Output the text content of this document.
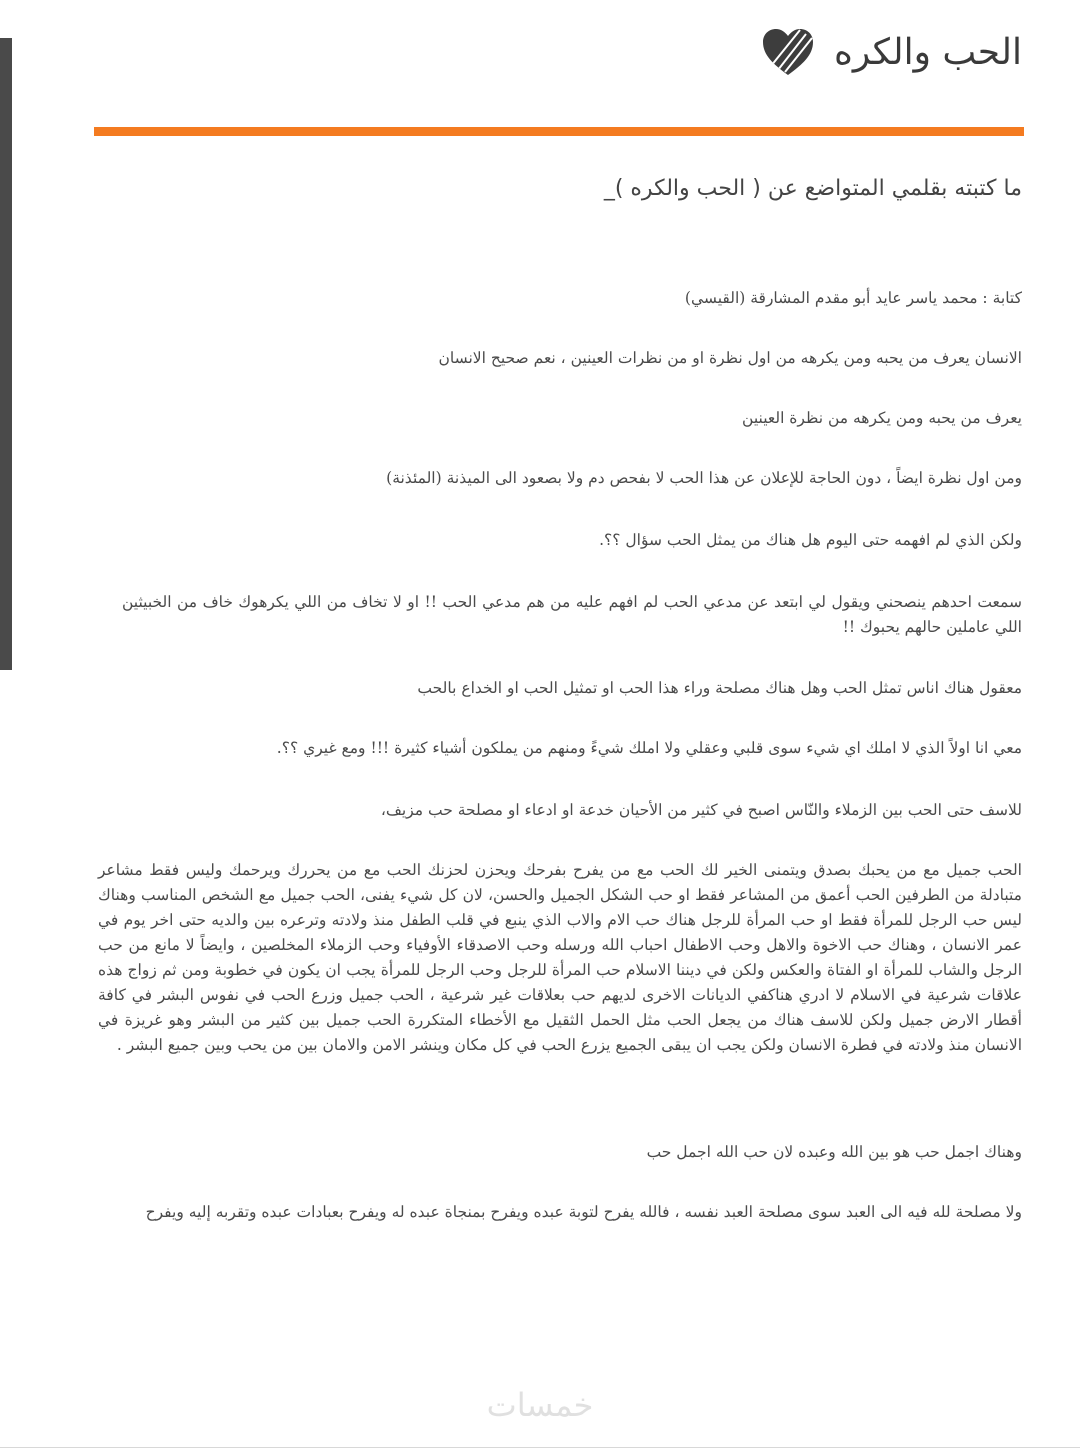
الحب والكره
ما كتبته بقلمي المتواضع عن ( الحب والكره )_
كتابة : محمد ياسر عايد أبو مقدم المشارقة (القيسي)
الانسان يعرف من يحبه ومن يكرهه من اول نظرة او من نظرات العينين ، نعم صحيح الانسان
يعرف من يحبه ومن يكرهه من نظرة العينين
ومن اول نظرة ايضاً ، دون الحاجة للإعلان عن هذا الحب لا بفحص دم ولا بصعود الى الميذنة (المئذنة)
ولكن الذي لم افهمه حتى اليوم هل هناك من يمثل الحب سؤال ؟؟.
سمعت احدهم ينصحني ويقول لي ابتعد عن مدعي الحب لم افهم عليه من هم مدعي الحب !! او لا تخاف من اللي يكرهوك خاف من الخبيثين اللي عاملين حالهم يحبوك !!
معقول هناك اناس تمثل الحب وهل هناك مصلحة وراء هذا الحب او تمثيل الحب او الخداع بالحب
معي انا اولاً الذي لا املك اي شيء سوى قلبي وعقلي ولا املك شيءً ومنهم من يملكون أشياء كثيرة !!! ومع غيري ؟؟.
للاسف حتى الحب بين الزملاء والنّاس اصبح في كثير من الأحيان خدعة او ادعاء او مصلحة حب مزيف،
الحب جميل مع من يحبك بصدق ويتمنى الخير لك الحب مع من يفرح بفرحك ويحزن لحزنك الحب مع من يحررك ويرحمك وليس فقط مشاعر متبادلة من الطرفين الحب أعمق من المشاعر فقط او حب الشكل الجميل والحسن، لان كل شيء يفنى، الحب جميل مع الشخص المناسب وهناك ليس حب الرجل للمرأة فقط او حب المرأة للرجل هناك حب الام والاب الذي ينبع في قلب الطفل منذ ولادته وترعره بين والديه حتى اخر يوم في عمر الانسان ، وهناك حب الاخوة والاهل وحب الاطفال احباب الله ورسله وحب الاصدقاء الأوفياء وحب الزملاء المخلصين ، وايضاً لا مانع من حب الرجل والشاب للمرأة او الفتاة والعكس ولكن في ديننا الاسلام حب المرأة للرجل وحب الرجل للمرأة يجب ان يكون في خطوبة ومن ثم زواج هذه علاقات شرعية في الاسلام لا ادري هناكفي الديانات الاخرى لديهم حب بعلاقات غير شرعية ، الحب جميل وزرع الحب في نفوس البشر في كافة أقطار الارض جميل ولكن للاسف هناك من يجعل الحب مثل الحمل الثقيل مع الأخطاء المتكررة الحب جميل بين كثير من البشر وهو غريزة في الانسان منذ ولادته في فطرة الانسان ولكن يجب ان يبقى الجميع يزرع الحب في كل مكان وينشر الامن والامان بين من يحب وبين جميع البشر .
وهناك اجمل حب هو بين الله وعبده لان حب الله اجمل حب
ولا مصلحة لله فيه الى العبد سوى مصلحة العبد نفسه ، فالله يفرح لتوبة عبده ويفرح بمنجاة عبده له ويفرح بعبادات عبده وتقربه إليه ويفرح
خمسات
